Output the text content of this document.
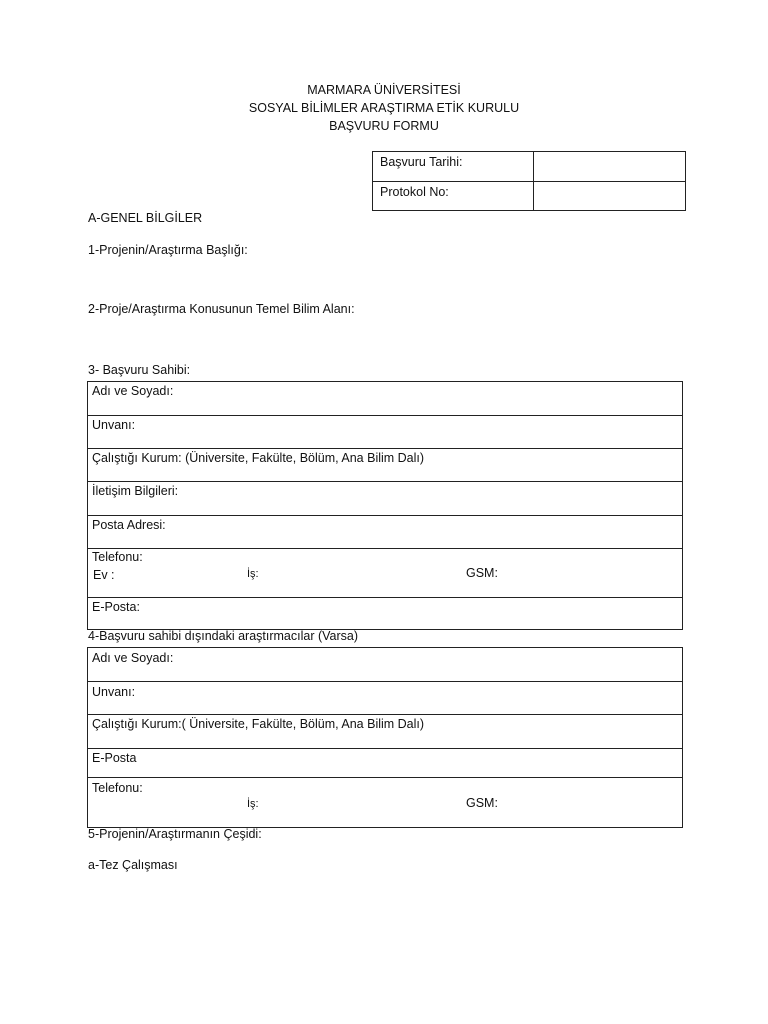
MARMARA ÜNİVERSİTESİ
SOSYAL BİLİMLER ARAŞTIRMA ETİK KURULU
BAŞVURU FORMU
Başvuru Tarihi:	

Protokol No:	

A-GENEL BİLGİLER
1-Projenin/Araştırma Başlığı:
2-Proje/Araştırma Konusunun Temel Bilim Alanı:
3- Başvuru Sahibi:
Adı ve Soyadı:
Unvanı:
Çalıştığı Kurum: (Üniversite, Fakülte, Bölüm, Ana Bilim Dalı)
İletişim Bilgileri:
Posta Adresi:
Telefonu:
Ev :	İş:	GSM:
E-Posta:
4-Başvuru sahibi dışındaki araştırmacılar (Varsa)
Adı ve Soyadı:
Unvanı:
Çalıştığı Kurum:( Üniversite, Fakülte, Bölüm, Ana Bilim Dalı)
E-Posta
Telefonu:
İş:	GSM:
5-Projenin/Araştırmanın Çeşidi:
a-Tez Çalışması
